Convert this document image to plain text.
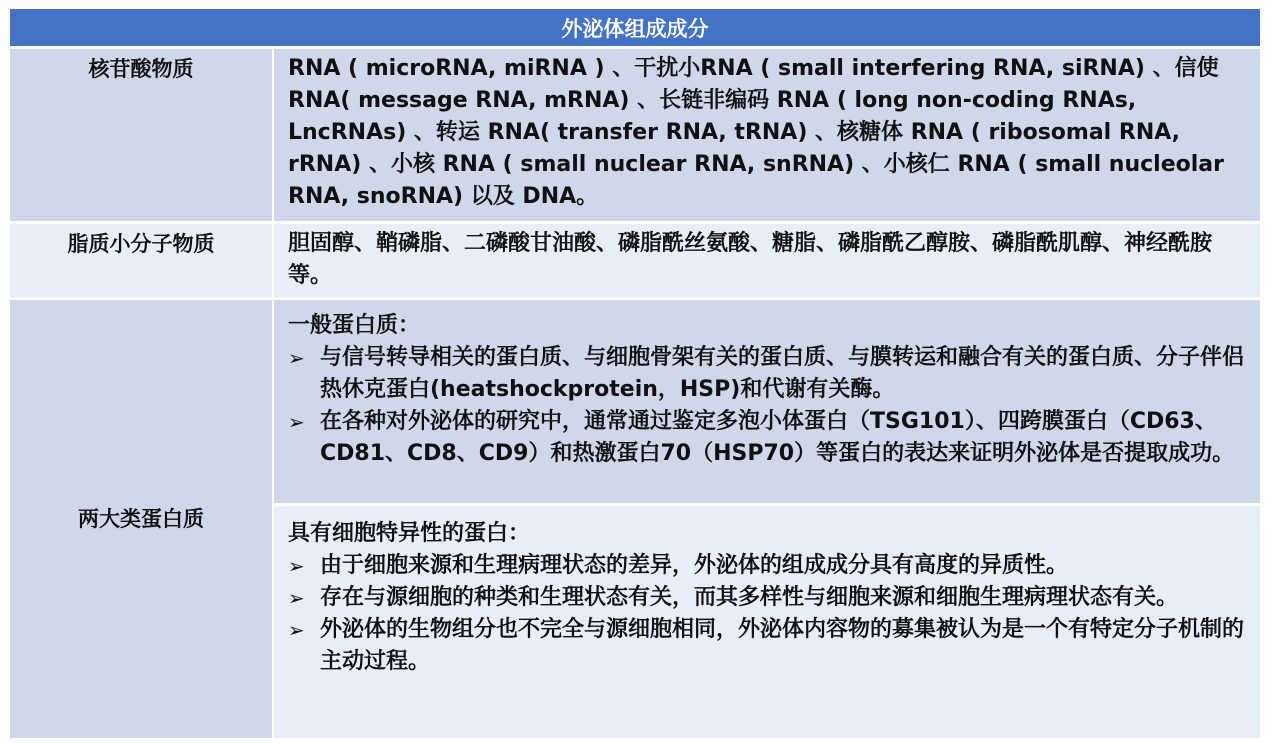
外泌体组成成分
核苷酸物质	RNA ( microRNA, miRNA ) 、干扰小RNA ( small interfering RNA, siRNA) 、信使 RNA( message RNA, mRNA) 、长链非编码 RNA ( long non-coding RNAs, LncRNAs) 、转运 RNA( transfer RNA, tRNA) 、核糖体 RNA ( ribosomal RNA, rRNA) 、小核 RNA ( small nuclear RNA, snRNA) 、小核仁 RNA ( small nucleolar RNA, snoRNA) 以及 DNA。
脂质小分子物质	胆固醇、鞘磷脂、二磷酸甘油酸、磷脂酰丝氨酸、糖脂、磷脂酰乙醇胺、磷脂酰肌醇、神经酰胺等。
两大类蛋白质
一般蛋白质：
➢ 与信号转导相关的蛋白质、与细胞骨架有关的蛋白质、与膜转运和融合有关的蛋白质、分子伴侣热休克蛋白(heatshockprotein，HSP)和代谢有关酶。
➢ 在各种对外泌体的研究中，通常通过鉴定多泡小体蛋白（TSG101）、四跨膜蛋白（CD63、CD81、CD8、CD9）和热激蛋白70（HSP70）等蛋白的表达来证明外泌体是否提取成功。
具有细胞特异性的蛋白：
➢ 由于细胞来源和生理病理状态的差异，外泌体的组成成分具有高度的异质性。
➢ 存在与源细胞的种类和生理状态有关，而其多样性与细胞来源和细胞生理病理状态有关。
➢ 外泌体的生物组分也不完全与源细胞相同，外泌体内容物的募集被认为是一个有特定分子机制的主动过程。
